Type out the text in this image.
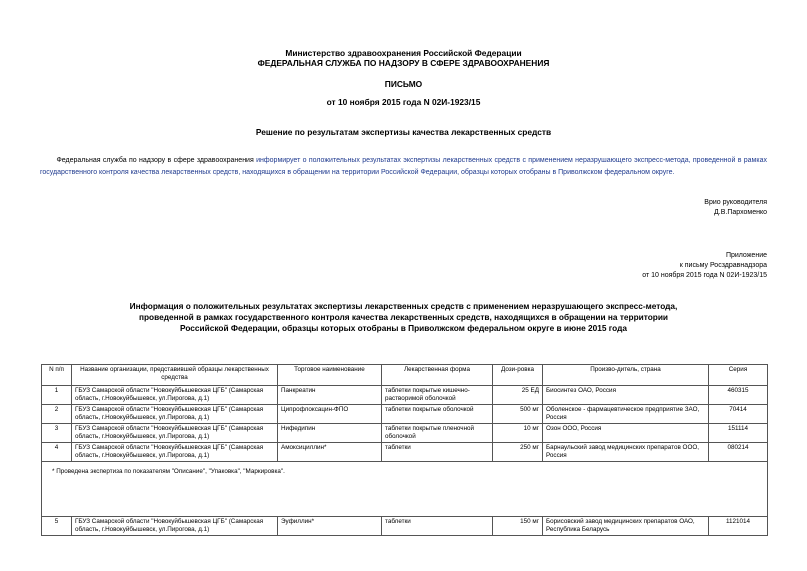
Министерство здравоохранения Российской Федерации
ФЕДЕРАЛЬНАЯ СЛУЖБА ПО НАДЗОРУ В СФЕРЕ ЗДРАВООХРАНЕНИЯ
ПИСЬМО
от 10 ноября 2015 года N 02И-1923/15
Решение по результатам экспертизы качества лекарственных средств
Федеральная служба по надзору в сфере здравоохранения информирует о положительных результатах экспертизы лекарственных средств с применением неразрушающего экспресс-метода, проведенной в рамках государственного контроля качества лекарственных средств, находящихся в обращении на территории Российской Федерации, образцы которых отобраны в Приволжском федеральном округе.
Врио руководителя
Д.В.Пархоменко
Приложение
к письму Росздравнадзора
от 10 ноября 2015 года N 02И-1923/15
Информация о положительных результатах экспертизы лекарственных средств с применением неразрушающего экспресс-метода, проведенной в рамках государственного контроля качества лекарственных средств, находящихся в обращении на территории Российской Федерации, образцы которых отобраны в Приволжском федеральном округе в июне 2015 года
N п/п	Название организации, представившей образцы лекарственных средства	Торговое наименование	Лекарственная форма	Дози-ровка	Произво-дитель, страна	Серия
1	ГБУЗ Самарской области "Новокуйбышевская ЦГБ" (Самарская область, г.Новокуйбышевск, ул.Пирогова, д.1)	Панкреатин	таблетки покрытые кишечно-растворимой оболочкой	25 ЕД	Биосинтез ОАО, Россия	460315
2	ГБУЗ Самарской области "Новокуйбышевская ЦГБ" (Самарская область, г.Новокуйбышевск, ул.Пирогова, д.1)	Ципрофлоксацин-ФПО	таблетки покрытые оболочкой	500 мг	Оболенское - фармацевтическое предприятие ЗАО, Россия	70414
3	ГБУЗ Самарской области "Новокуйбышевская ЦГБ" (Самарская область, г.Новокуйбышевск, ул.Пирогова, д.1)	Нифедипин	таблетки покрытые пленочной оболочкой	10 мг	Озон ООО, Россия	151114
4	ГБУЗ Самарской области "Новокуйбышевская ЦГБ" (Самарская область, г.Новокуйбышевск, ул.Пирогова, д.1)	Амоксициллин*	таблетки	250 мг	Барнаульский завод медицинских препаратов ООО, Россия	080214
* Проведена экспертиза по показателям "Описание", "Упаковка", "Маркировка".						
5	ГБУЗ Самарской области "Новокуйбышевская ЦГБ" (Самарская область, г.Новокуйбышевск, ул.Пирогова, д.1)	Эуфиллин*	таблетки	150 мг	Борисовский завод медицинских препаратов ОАО, Республика Беларусь	1121014
